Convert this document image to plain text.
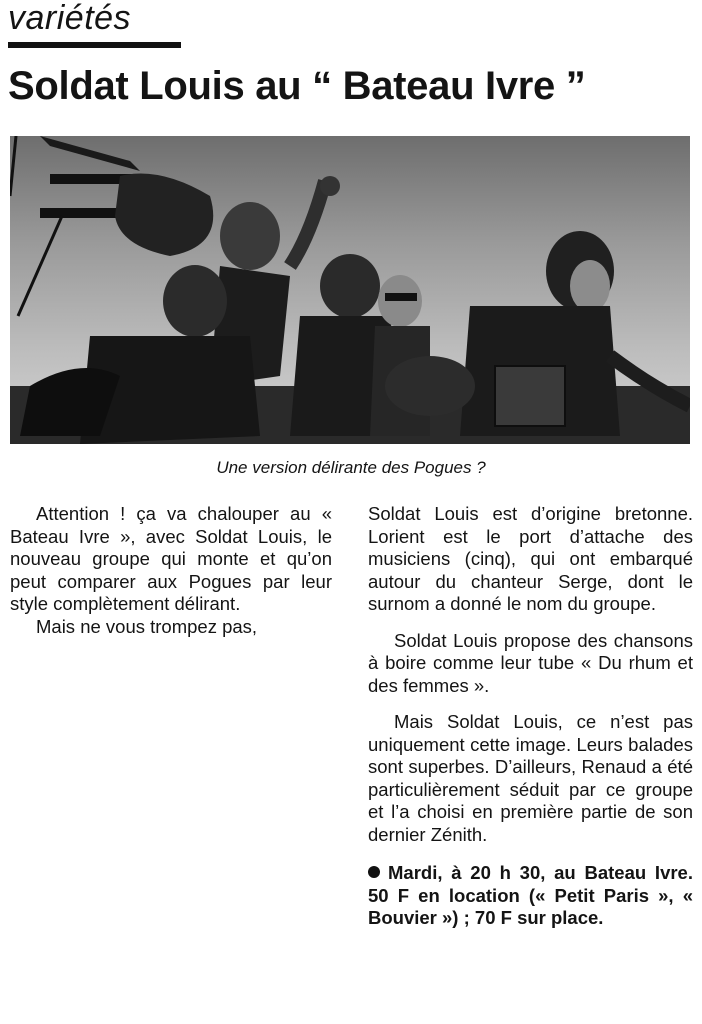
variétés
Soldat Louis au “ Bateau Ivre ”
Une version délirante des Pogues ?

Attention ! ça va chalouper au « Bateau Ivre », avec Soldat Louis, le nouveau groupe qui monte et qu’on peut comparer aux Pogues par leur style complètement délirant.

Mais ne vous trompez pas,

Soldat Louis est d’origine bretonne. Lorient est le port d’attache des musiciens (cinq), qui ont embarqué autour du chanteur Serge, dont le surnom a donné le nom du groupe.

Soldat Louis propose des chansons à boire comme leur tube « Du rhum et des femmes ».

Mais Soldat Louis, ce n’est pas uniquement cette image. Leurs balades sont superbes. D’ailleurs, Renaud a été particulièrement séduit par ce groupe et l’a choisi en première partie de son dernier Zénith.

Mardi, à 20 h 30, au Bateau Ivre. 50 F en location (« Petit Paris », « Bouvier ») ; 70 F sur place.
